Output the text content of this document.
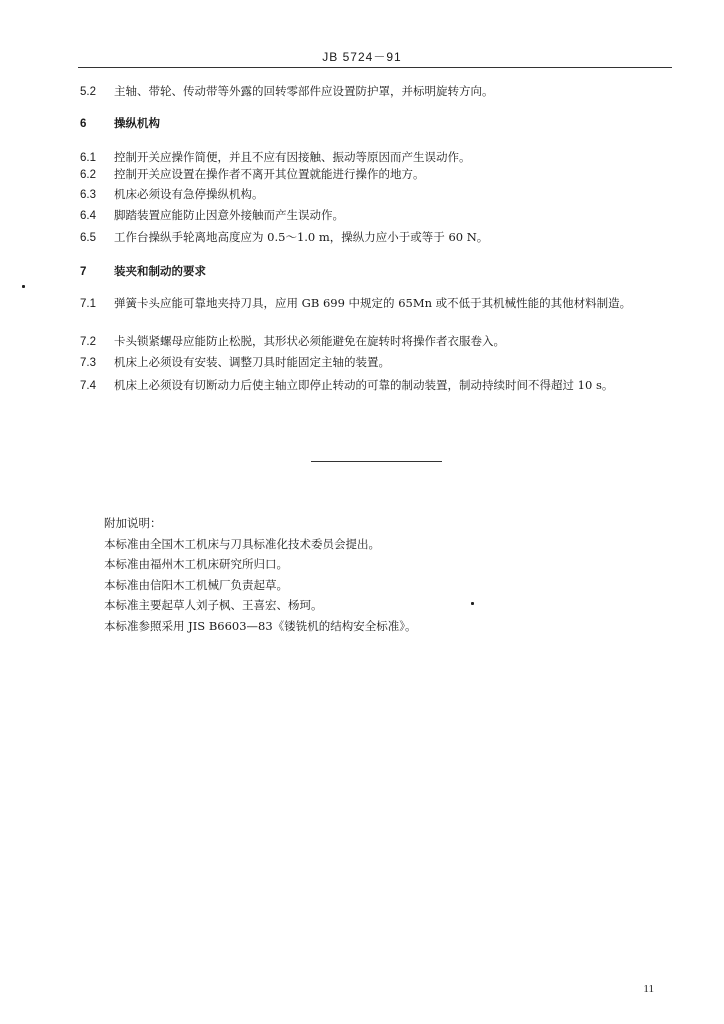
JB 5724－91
5.2 主轴、带轮、传动带等外露的回转零部件应设置防护罩，并标明旋转方向。
6 操纵机构
6.1 控制开关应操作简便，并且不应有因接触、振动等原因而产生误动作。
6.2 控制开关应设置在操作者不离开其位置就能进行操作的地方。
6.3 机床必须设有急停操纵机构。
6.4 脚踏装置应能防止因意外接触而产生误动作。
6.5 工作台操纵手轮离地高度应为 0.5～1.0 m，操纵力应小于或等于 60 N。
7 装夹和制动的要求
7.1 弹簧卡头应能可靠地夹持刀具，应用 GB 699 中规定的 65Mn 或不低于其机械性能的其他材料制造。
7.2 卡头锁紧螺母应能防止松脱，其形状必须能避免在旋转时将操作者衣服卷入。
7.3 机床上必须设有安装、调整刀具时能固定主轴的装置。
7.4 机床上必须设有切断动力后使主轴立即停止转动的可靠的制动装置，制动持续时间不得超过 10 s。
附加说明：
本标准由全国木工机床与刀具标准化技术委员会提出。
本标准由福州木工机床研究所归口。
本标准由信阳木工机械厂负责起草。
本标准主要起草人刘子枫、王喜宏、杨珂。
本标准参照采用 JIS B6603—83《镂铣机的结构安全标准》。
11
